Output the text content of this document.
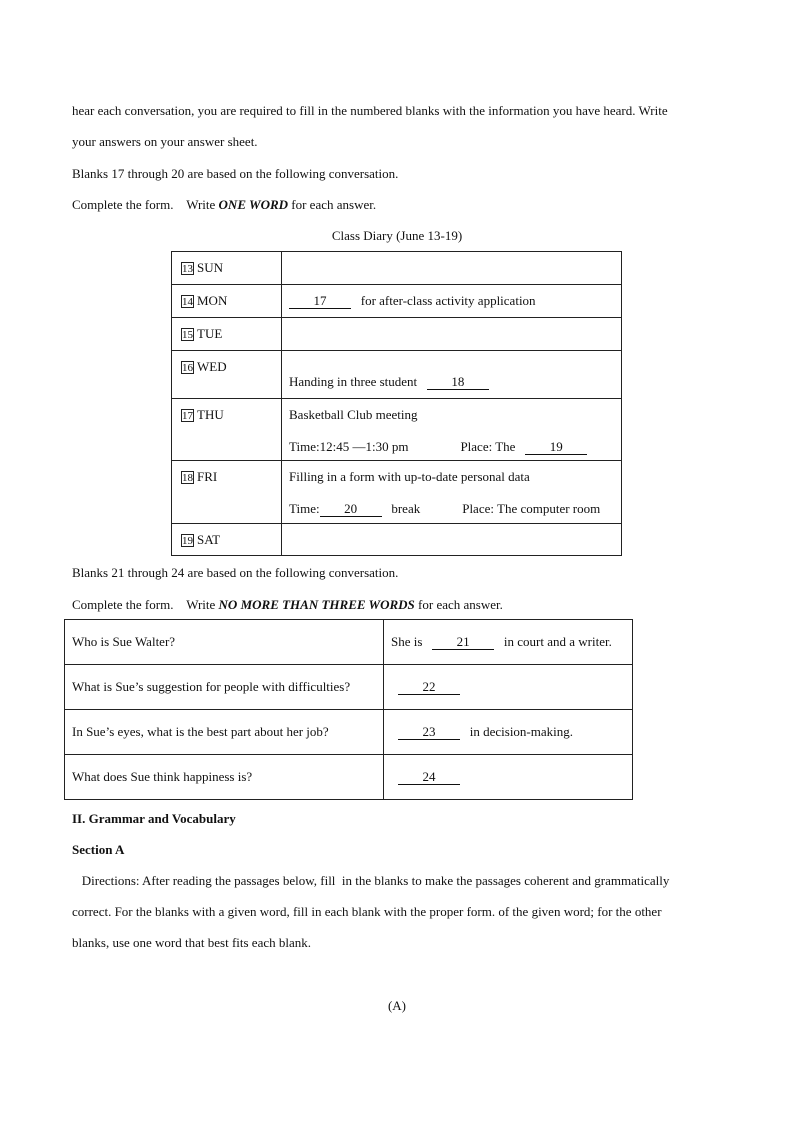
hear each conversation, you are required to fill in the numbered blanks with the information you have heard. Write
your answers on your answer sheet.
Blanks 17 through 20 are based on the following conversation.
Complete the form.    Write ONE WORD for each answer.
Class Diary (June 13-19)
13 SUN	
14 MON	17 for after-class activity application
15 TUE	
16 WED	Handing in three student 18
17 THU	Basketball Club meeting
Time:12:45 —1:30 pm Place: The 19

18 FRI	Filling in a form with up-to-date personal data
Time: 20 break Place: The computer room

19 SAT	
Blanks 21 through 24 are based on the following conversation.
Complete the form.    Write NO MORE THAN THREE WORDS for each answer.
Who is Sue Walter?	She is 21 in court and a writer.
What is Sue’s suggestion for people with difficulties?	22
In Sue’s eyes, what is the best part about her job?	23 in decision-making.
What does Sue think happiness is?	24
II. Grammar and Vocabulary
Section A
Directions: After reading the passages below, fill  in the blanks to make the passages coherent and grammatically
correct. For the blanks with a given word, fill in each blank with the proper form. of the given word; for the other
blanks, use one word that best fits each blank.
(A)
